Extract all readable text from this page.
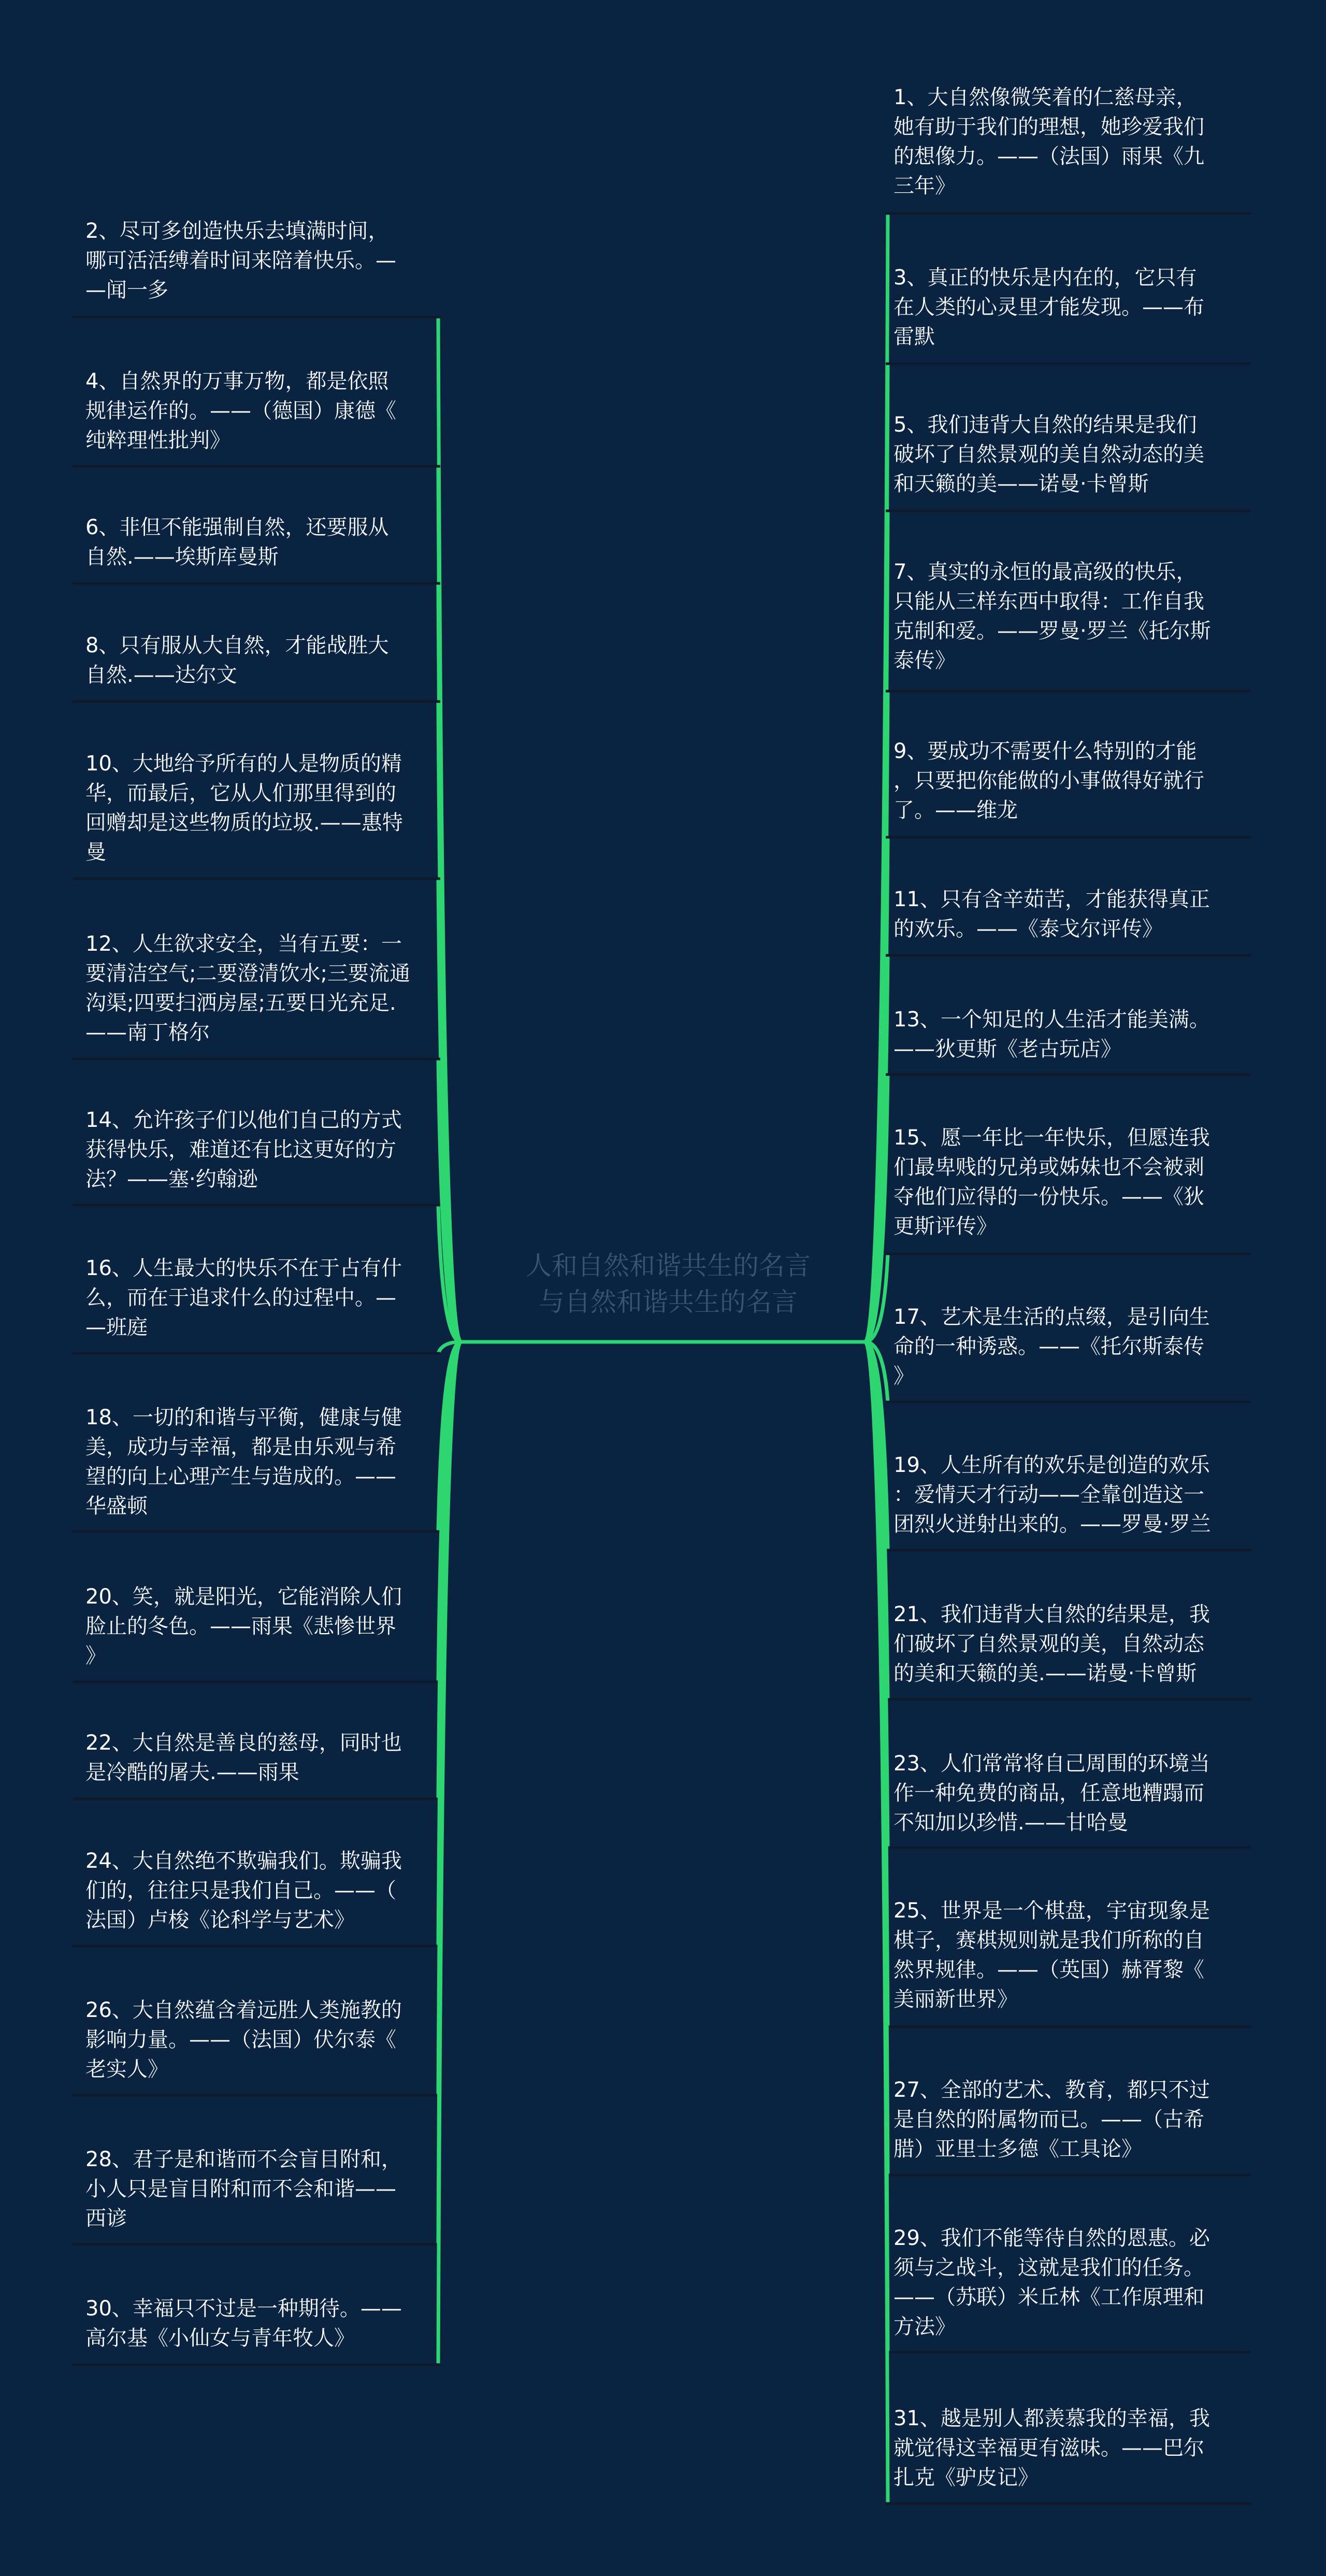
人和自然和谐共生的名言
与自然和谐共生的名言
2、尽可多创造快乐去填满时间，
哪可活活缚着时间来陪着快乐。—
—闻一多
4、自然界的万事万物，都是依照
规律运作的。——（德国）康德《
纯粹理性批判》
6、非但不能强制自然，还要服从
自然.——埃斯库曼斯
8、只有服从大自然，才能战胜大
自然.——达尔文
10、大地给予所有的人是物质的精
华，而最后，它从人们那里得到的
回赠却是这些物质的垃圾.——惠特
曼
12、人生欲求安全，当有五要：一
要清洁空气;二要澄清饮水;三要流通
沟渠;四要扫洒房屋;五要日光充足.
——南丁格尔
14、允许孩子们以他们自己的方式
获得快乐，难道还有比这更好的方
法？——塞·约翰逊
16、人生最大的快乐不在于占有什
么，而在于追求什么的过程中。—
—班庭
18、一切的和谐与平衡，健康与健
美，成功与幸福，都是由乐观与希
望的向上心理产生与造成的。——
华盛顿
20、笑，就是阳光，它能消除人们
脸止的冬色。——雨果《悲惨世界
》
22、大自然是善良的慈母，同时也
是冷酷的屠夫.——雨果
24、大自然绝不欺骗我们。欺骗我
们的，往往只是我们自己。——（
法国）卢梭《论科学与艺术》
26、大自然蕴含着远胜人类施教的
影响力量。——（法国）伏尔泰《
老实人》
28、君子是和谐而不会盲目附和，
小人只是盲目附和而不会和谐——
西谚
30、幸福只不过是一种期待。——
高尔基《小仙女与青年牧人》
1、大自然像微笑着的仁慈母亲，
她有助于我们的理想，她珍爱我们
的想像力。——（法国）雨果《九
三年》
3、真正的快乐是内在的，它只有
在人类的心灵里才能发现。——布
雷默
5、我们违背大自然的结果是我们
破坏了自然景观的美自然动态的美
和天籁的美——诺曼·卡曾斯
7、真实的永恒的最高级的快乐，
只能从三样东西中取得：工作自我
克制和爱。——罗曼·罗兰《托尔斯
泰传》
9、要成功不需要什么特别的才能
，只要把你能做的小事做得好就行
了。——维龙
11、只有含辛茹苦，才能获得真正
的欢乐。——《泰戈尔评传》
13、一个知足的人生活才能美满。
——狄更斯《老古玩店》
15、愿一年比一年快乐，但愿连我
们最卑贱的兄弟或姊妹也不会被剥
夺他们应得的一份快乐。——《狄
更斯评传》
17、艺术是生活的点缀，是引向生
命的一种诱惑。——《托尔斯泰传
》
19、人生所有的欢乐是创造的欢乐
：爱情天才行动——全靠创造这一
团烈火迸射出来的。——罗曼·罗兰
21、我们违背大自然的结果是，我
们破坏了自然景观的美，自然动态
的美和天籁的美.——诺曼·卡曾斯
23、人们常常将自己周围的环境当
作一种免费的商品，任意地糟蹋而
不知加以珍惜.——甘哈曼
25、世界是一个棋盘，宇宙现象是
棋子，赛棋规则就是我们所称的自
然界规律。——（英国）赫胥黎《
美丽新世界》
27、全部的艺术、教育，都只不过
是自然的附属物而已。——（古希
腊）亚里士多德《工具论》
29、我们不能等待自然的恩惠。必
须与之战斗，这就是我们的任务。
——（苏联）米丘林《工作原理和
方法》
31、越是别人都羡慕我的幸福，我
就觉得这幸福更有滋味。——巴尔
扎克《驴皮记》
